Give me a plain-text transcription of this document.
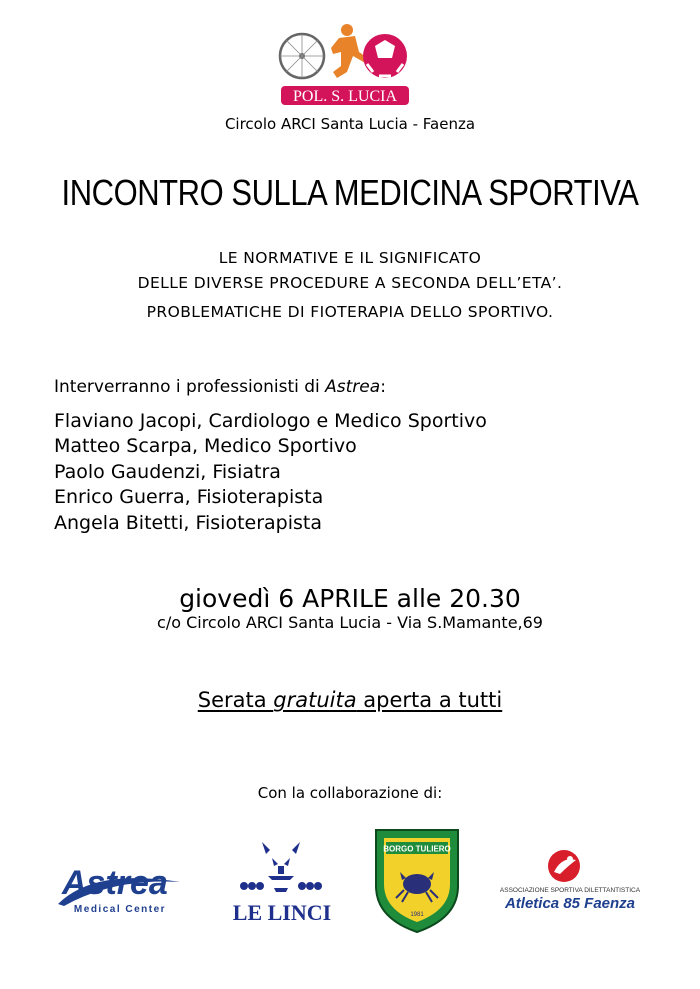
POL. S. LUCIA
Circolo ARCI Santa Lucia - Faenza
INCONTRO SULLA MEDICINA SPORTIVA
LE NORMATIVE E IL SIGNIFICATO
DELLE DIVERSE PROCEDURE A SECONDA DELL’ETA’.
PROBLEMATICHE DI FIOTERAPIA DELLO SPORTIVO.
Interverranno i professionisti di Astrea:
Flaviano Jacopi, Cardiologo e Medico Sportivo
Matteo Scarpa, Medico Sportivo
Paolo Gaudenzi, Fisiatra
Enrico Guerra, Fisioterapista
Angela Bitetti, Fisioterapista
giovedì 6 APRILE alle 20.30
c/o Circolo ARCI Santa Lucia - Via S.Mamante,69
Serata gratuita aperta a tutti
Con la collaborazione di:
Astrea
Medical Center	LE LINCI
BORGO TULIERO
1981
ASSOCIAZIONE SPORTIVA DILETTANTISTICA
Atletica 85 Faenza
